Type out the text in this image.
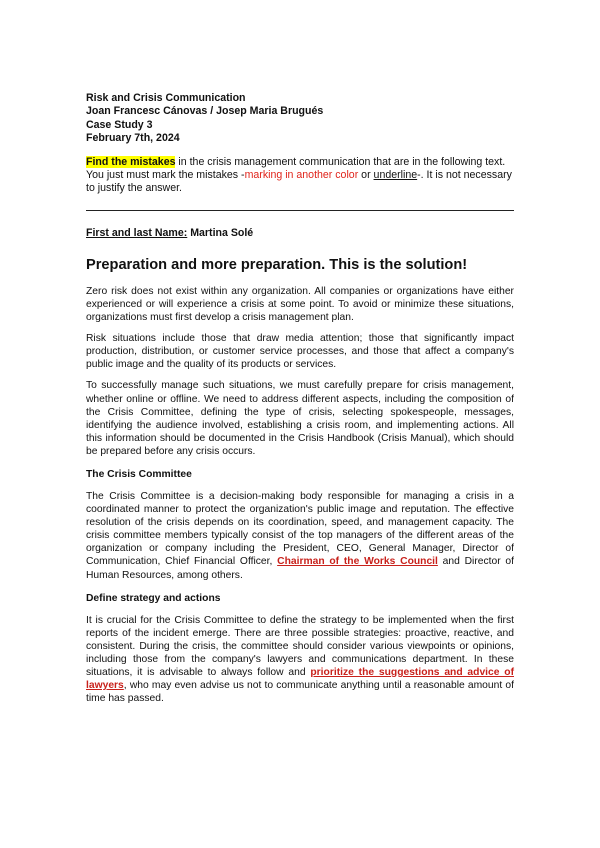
Risk and Crisis Communication
Joan Francesc Cánovas / Josep Maria Brugués
Case Study 3
February 7th, 2024
Find the mistakes in the crisis management communication that are in the following text. You just must mark the mistakes -marking in another color or underline-. It is not necessary to justify the answer.
First and last Name: Martina Solé
Preparation and more preparation. This is the solution!

Zero risk does not exist within any organization. All companies or organizations have either experienced or will experience a crisis at some point. To avoid or minimize these situations, organizations must first develop a crisis management plan.

Risk situations include those that draw media attention; those that significantly impact production, distribution, or customer service processes, and those that affect a company's public image and the quality of its products or services.

To successfully manage such situations, we must carefully prepare for crisis management, whether online or offline. We need to address different aspects, including the composition of the Crisis Committee, defining the type of crisis, selecting spokespeople, messages, identifying the audience involved, establishing a crisis room, and implementing actions. All this information should be documented in the Crisis Handbook (Crisis Manual), which should be prepared before any crisis occurs.

The Crisis Committee

The Crisis Committee is a decision-making body responsible for managing a crisis in a coordinated manner to protect the organization's public image and reputation. The effective resolution of the crisis depends on its coordination, speed, and management capacity. The crisis committee members typically consist of the top managers of the different areas of the organization or company including the President, CEO, General Manager, Director of Communication, Chief Financial Officer, Chairman of the Works Council and Director of Human Resources, among others.

Define strategy and actions

It is crucial for the Crisis Committee to define the strategy to be implemented when the first reports of the incident emerge. There are three possible strategies: proactive, reactive, and consistent. During the crisis, the committee should consider various viewpoints or opinions, including those from the company's lawyers and communications department. In these situations, it is advisable to always follow and prioritize the suggestions and advice of lawyers, who may even advise us not to communicate anything until a reasonable amount of time has passed.
